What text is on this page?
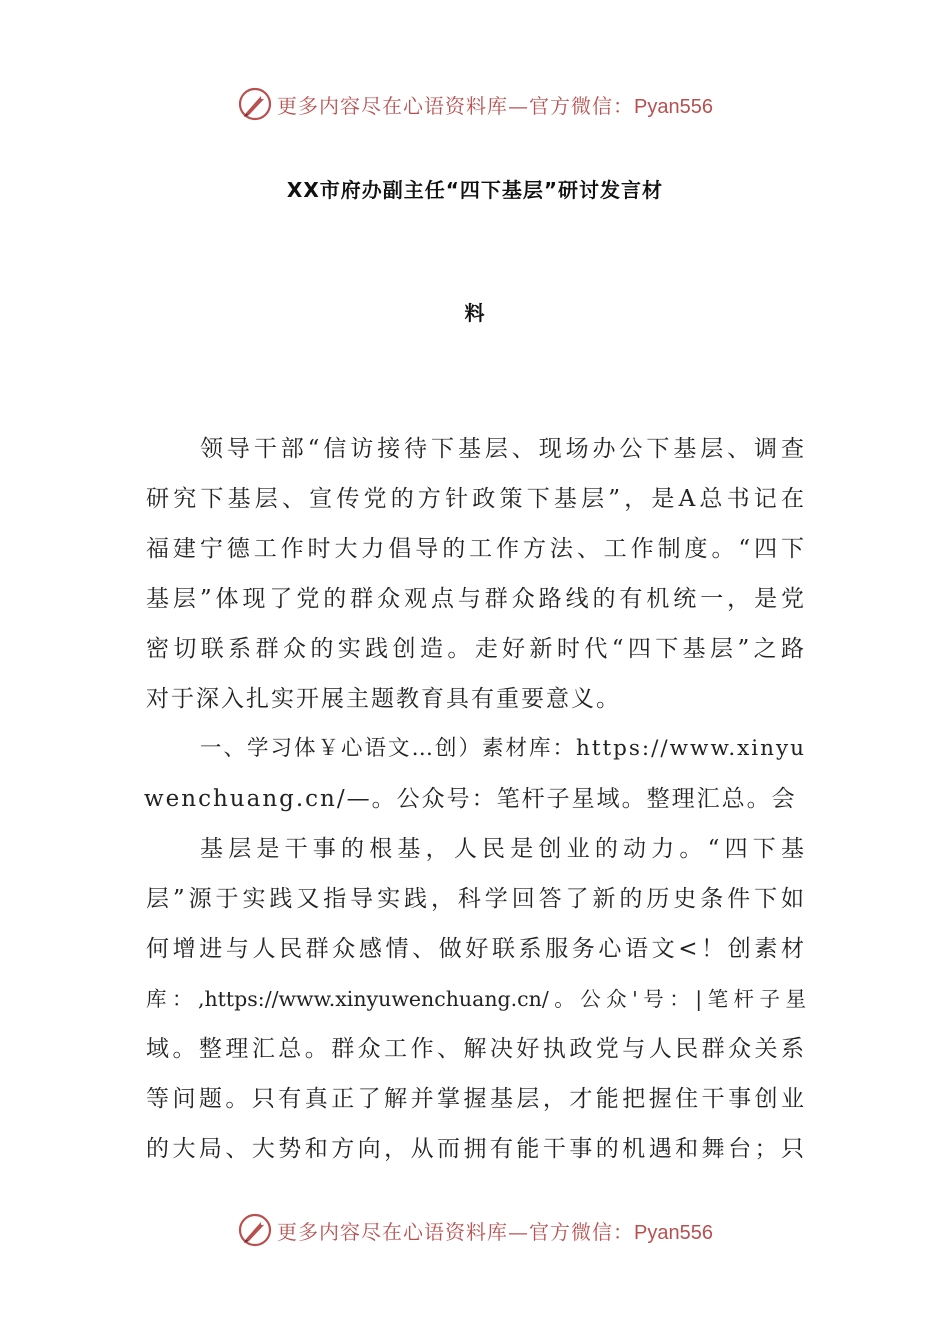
更多内容尽在心语资料库—官方微信：Pyan556
XX市府办副主任“四下基层”研讨发言材
料
领导干部“信访接待下基层、现场办公下基层、调查
研究下基层、宣传党的方针政策下基层”，是A总书记在
福建宁德工作时大力倡导的工作方法、工作制度。“四下
基层”体现了党的群众观点与群众路线的有机统一，是党
密切联系群众的实践创造。走好新时代“四下基层”之路
对于深入扎实开展主题教育具有重要意义。
一、学习体￥心语文…创）素材库：https://www.xinyu
wenchuang.cn/—。公众号：笔杆子星域。整理汇总。会
基层是干事的根基，人民是创业的动力。“四下基
层”源于实践又指导实践，科学回答了新的历史条件下如
何增进与人民群众感情、做好联系服务心语文<！创素材
库：,https://www.xinyuwenchuang.cn/。公众'号：|笔杆子星
域。整理汇总。群众工作、解决好执政党与人民群众关系
等问题。只有真正了解并掌握基层，才能把握住干事创业
的大局、大势和方向，从而拥有能干事的机遇和舞台；只
更多内容尽在心语资料库—官方微信：Pyan556
